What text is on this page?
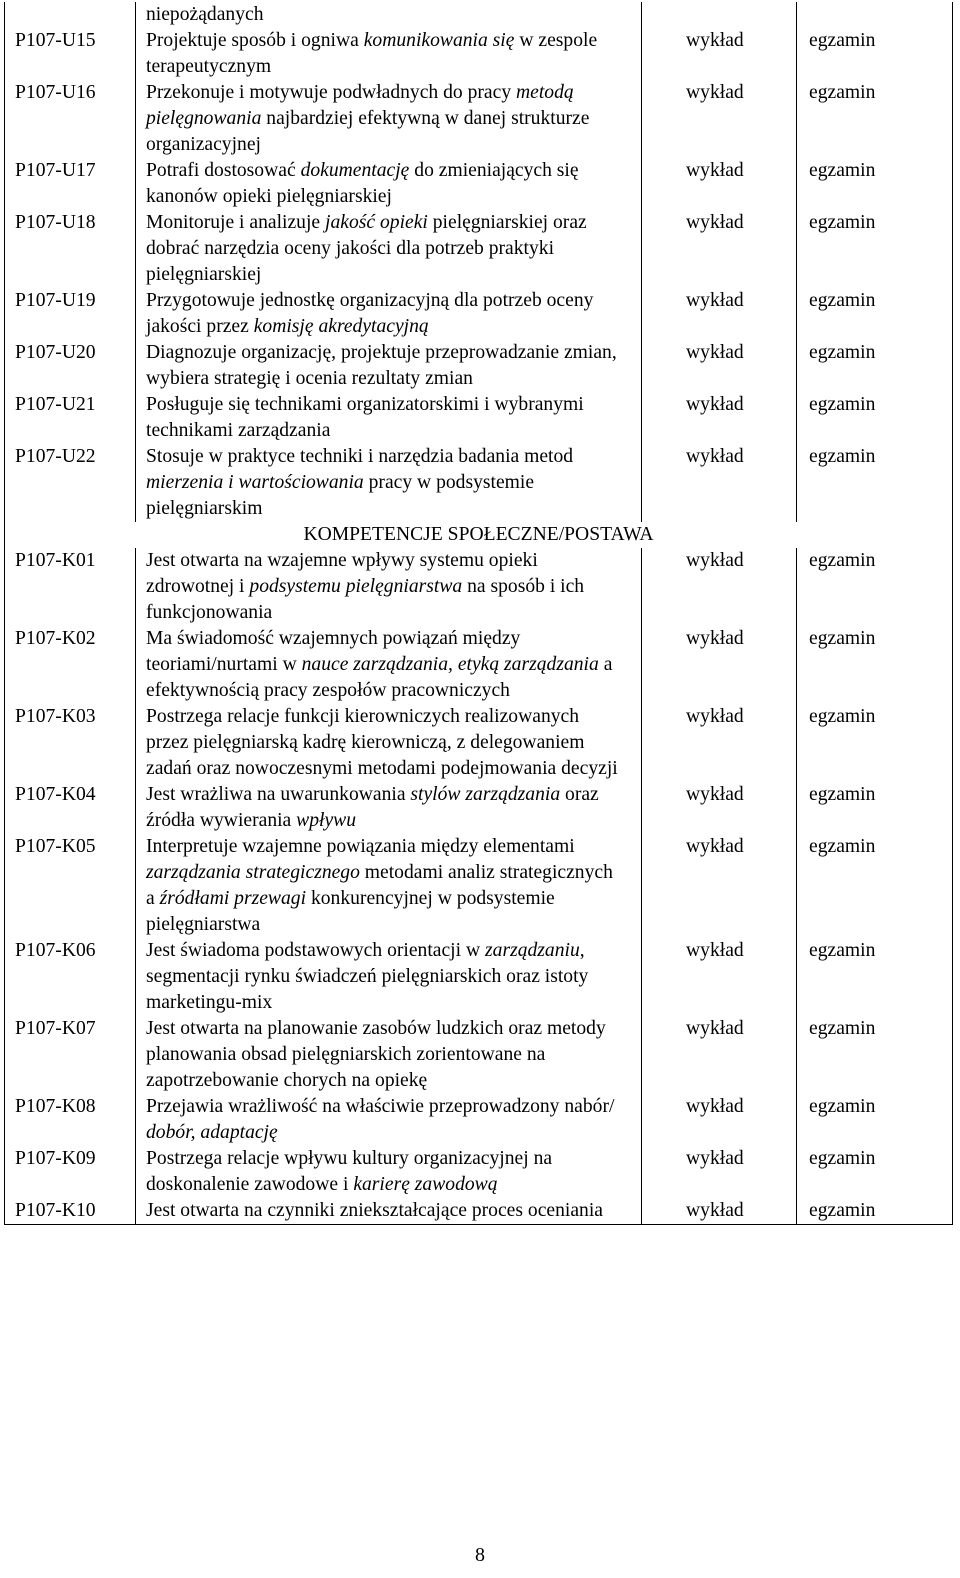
	niepożądanych		
P107-U15	Projektuje sposób i ogniwa komunikowania się w zespole terapeutycznym	wykład	egzamin
P107-U16	Przekonuje i motywuje podwładnych do pracy metodą pielęgnowania najbardziej efektywną w danej strukturze organizacyjnej	wykład	egzamin
P107-U17	Potrafi dostosować dokumentację do zmieniających się kanonów opieki pielęgniarskiej	wykład	egzamin
P107-U18	Monitoruje i analizuje jakość opieki pielęgniarskiej oraz dobrać narzędzia oceny jakości dla potrzeb praktyki pielęgniarskiej	wykład	egzamin
P107-U19	Przygotowuje jednostkę organizacyjną dla potrzeb oceny jakości przez komisję akredytacyjną	wykład	egzamin
P107-U20	Diagnozuje organizację, projektuje przeprowadzanie zmian, wybiera strategię i ocenia rezultaty zmian	wykład	egzamin
P107-U21	Posługuje się technikami organizatorskimi i wybranymi technikami zarządzania	wykład	egzamin
P107-U22	Stosuje w praktyce techniki i narzędzia badania metod mierzenia i wartościowania pracy w podsystemie pielęgniarskim	wykład	egzamin
KOMPETENCJE SPOŁECZNE/POSTAWA			
P107-K01	Jest otwarta na wzajemne wpływy systemu opieki zdrowotnej i podsystemu pielęgniarstwa na sposób i ich funkcjonowania	wykład	egzamin
P107-K02	Ma świadomość wzajemnych powiązań między teoriami/nurtami w nauce zarządzania, etyką zarządzania a efektywnością pracy zespołów pracowniczych	wykład	egzamin
P107-K03	Postrzega relacje funkcji kierowniczych realizowanych przez pielęgniarską kadrę kierowniczą, z delegowaniem zadań oraz nowoczesnymi metodami podejmowania decyzji	wykład	egzamin
P107-K04	Jest wrażliwa na uwarunkowania stylów zarządzania oraz źródła wywierania wpływu	wykład	egzamin
P107-K05	Interpretuje wzajemne powiązania między elementami zarządzania strategicznego metodami analiz strategicznych a źródłami przewagi konkurencyjnej w podsystemie pielęgniarstwa	wykład	egzamin
P107-K06	Jest świadoma podstawowych orientacji w zarządzaniu, segmentacji rynku świadczeń pielęgniarskich oraz istoty marketingu-mix	wykład	egzamin
P107-K07	Jest otwarta na planowanie zasobów ludzkich oraz metody planowania obsad pielęgniarskich zorientowane na zapotrzebowanie chorych na opiekę	wykład	egzamin
P107-K08	Przejawia wrażliwość na właściwie przeprowadzony nabór/ dobór, adaptację	wykład	egzamin
P107-K09	Postrzega relacje wpływu kultury organizacyjnej na doskonalenie zawodowe i karierę zawodową	wykład	egzamin
P107-K10	Jest otwarta na czynniki zniekształcające proces oceniania	wykład	egzamin
8
